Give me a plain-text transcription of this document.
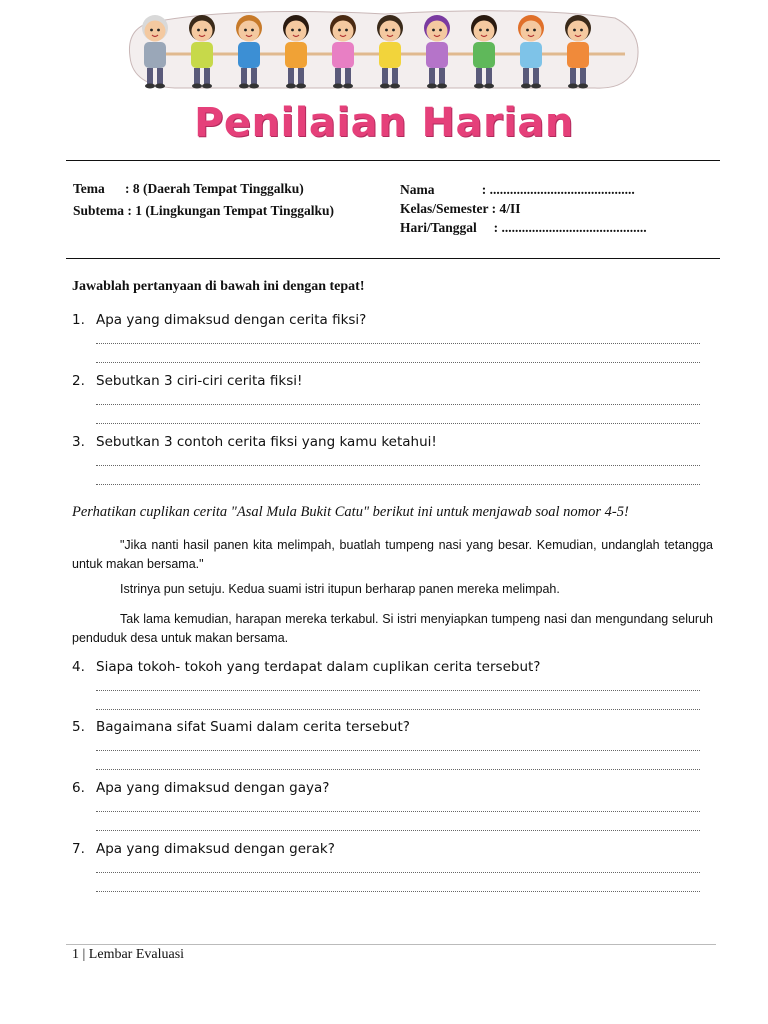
Penilaian Harian
Tema      : 8 (Daerah Tempat Tinggalku)
Subtema : 1 (Lingkungan Tempat Tinggalku)
Nama              : ...........................................
Kelas/Semester : 4/II
Hari/Tanggal     : ...........................................
Jawablah pertanyaan di bawah ini dengan tepat!
1. Apa yang dimaksud dengan cerita fiksi?
2. Sebutkan 3 ciri-ciri cerita fiksi!
3. Sebutkan 3 contoh cerita fiksi yang kamu ketahui!
Perhatikan cuplikan cerita "Asal Mula Bukit Catu" berikut ini untuk menjawab soal nomor 4-5!

"Jika nanti hasil panen kita melimpah, buatlah tumpeng nasi yang besar. Kemudian, undanglah tetangga untuk makan bersama."

Istrinya pun setuju. Kedua suami istri itupun berharap panen mereka melimpah.

Tak lama kemudian, harapan mereka terkabul. Si istri menyiapkan tumpeng nasi dan mengundang seluruh penduduk desa untuk makan bersama.

4. Siapa tokoh- tokoh yang terdapat dalam cuplikan cerita tersebut?
5. Bagaimana sifat Suami dalam cerita tersebut?
6. Apa yang dimaksud dengan gaya?
7. Apa yang dimaksud dengan gerak?
1 | Lembar Evaluasi
